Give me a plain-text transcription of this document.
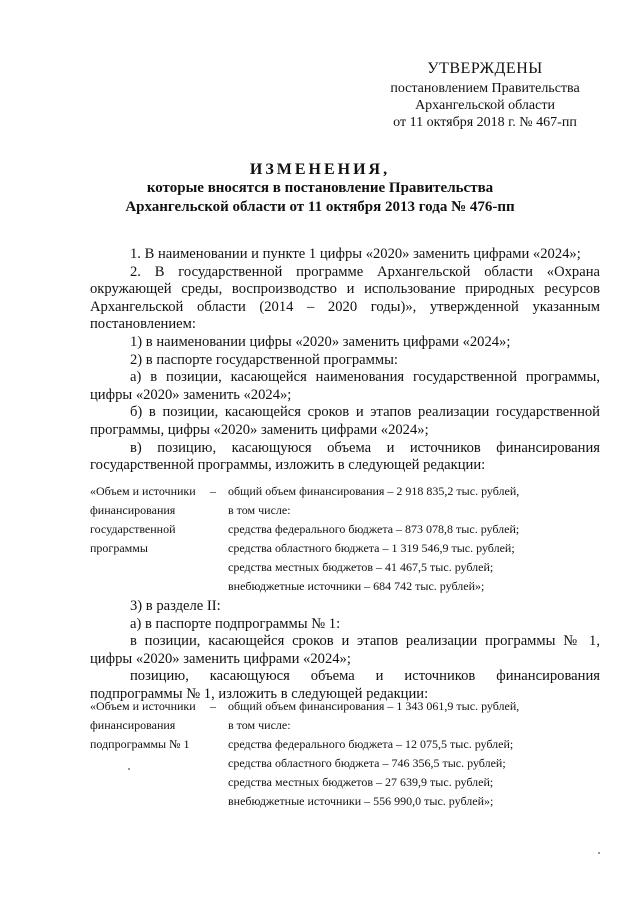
УТВЕРЖДЕНЫ
постановлением Правительства
Архангельской области
от 11 октября 2018 г. № 467-пп
ИЗМЕНЕНИЯ,
которые вносятся в постановление Правительства
Архангельской области от 11 октября 2013 года № 476-пп

1. В наименовании и пункте 1 цифры «2020» заменить цифрами «2024»;

2. В государственной программе Архангельской области «Охрана окружающей среды, воспроизводство и использование природных ресурсов Архангельской области (2014 – 2020 годы)», утвержденной указанным постановлением:

1) в наименовании цифры «2020» заменить цифрами «2024»;

2) в паспорте государственной программы:

а) в позиции, касающейся наименования государственной программы, цифры «2020» заменить «2024»;

б) в позиции, касающейся сроков и этапов реализации государственной программы, цифры «2020» заменить цифрами «2024»;

в) позицию, касающуюся объема и источников финансирования государственной программы, изложить в следующей редакции:

«Объем и источники финансирования государственной программы
– общий объем финансирования – 2 918 835,2 тыс. рублей,
в том числе:
средства федерального бюджета – 873 078,8 тыс. рублей;
средства областного бюджета – 1 319 546,9 тыс. рублей;
средства местных бюджетов – 41 467,5 тыс. рублей;
внебюджетные источники – 684 742 тыс. рублей»;

3) в разделе II:

а) в паспорте подпрограммы № 1:

в позиции, касающейся сроков и этапов реализации программы № 1, цифры «2020» заменить цифрами «2024»;

позицию, касающуюся объема и источников финансирования подпрограммы № 1, изложить в следующей редакции:

«Объем и источники финансирования подпрограммы № 1
– общий объем финансирования – 1 343 061,9 тыс. рублей,
в том числе:
средства федерального бюджета – 12 075,5 тыс. рублей;
средства областного бюджета – 746 356,5 тыс. рублей;
средства местных бюджетов – 27 639,9 тыс. рублей;
внебюджетные источники – 556 990,0 тыс. рублей»;
